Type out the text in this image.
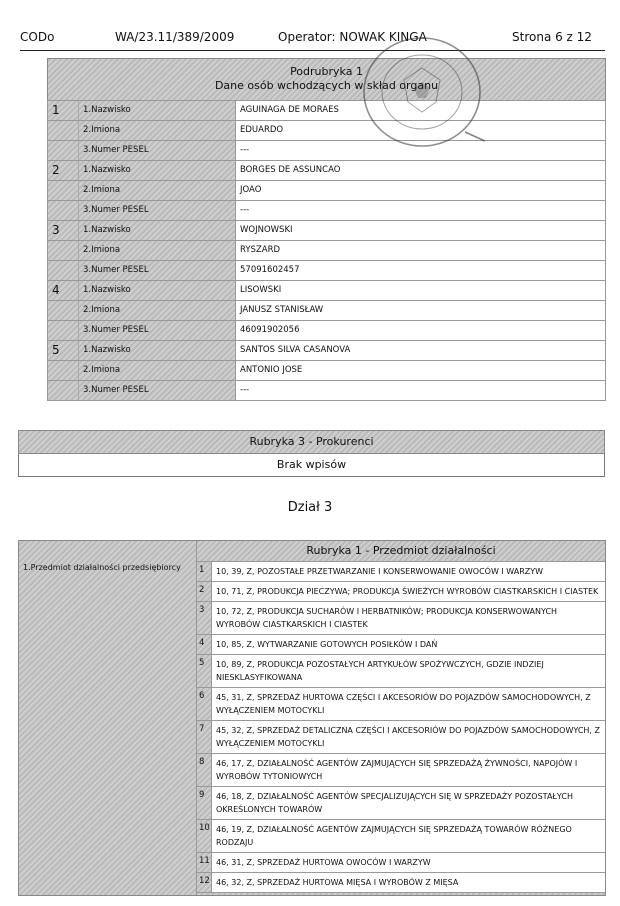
CODo	WA/23.11/389/2009	Operator: NOWAK KINGA	Strona 6 z 12
Podrubryka 1
Dane osób wchodzących w skład organu
1	1.Nazwisko	AGUINAGA DE MORAES
2.Imiona	EDUARDO
3.Numer PESEL	---
2	1.Nazwisko	BORGES DE ASSUNCAO
2.Imiona	JOAO
3.Numer PESEL	---
3	1.Nazwisko	WOJNOWSKI
2.Imiona	RYSZARD
3.Numer PESEL	57091602457
4	1.Nazwisko	LISOWSKI
2.Imiona	JANUSZ STANISŁAW
3.Numer PESEL	46091902056
5	1.Nazwisko	SANTOS SILVA CASANOVA
2.Imiona	ANTONIO JOSE
3.Numer PESEL	---
Rubryka 3 - Prokurenci
Brak wpisów
Dział 3
1.Przedmiot działalności przedsiębiorcy
Rubryka 1 - Przedmiot działalności
1	10, 39, Z, POZOSTAŁE PRZETWARZANIE I KONSERWOWANIE OWOCÓW I WARZYW
2	10, 71, Z, PRODUKCJA PIECZYWA; PRODUKCJA ŚWIEŻYCH WYROBÓW CIASTKARSKICH I CIASTEK
3	10, 72, Z, PRODUKCJA SUCHARÓW I HERBATNIKÓW; PRODUKCJA KONSERWOWANYCH WYROBÓW CIASTKARSKICH I CIASTEK
4	10, 85, Z, WYTWARZANIE GOTOWYCH POSIŁKÓW I DAŃ
5	10, 89, Z, PRODUKCJA POZOSTAŁYCH ARTYKUŁÓW SPOŻYWCZYCH, GDZIE INDZIEJ NIESKLASYFIKOWANA
6	45, 31, Z, SPRZEDAŻ HURTOWA CZĘŚCI I AKCESORIÓW DO POJAZDÓW SAMOCHODOWYCH, Z WYŁĄCZENIEM MOTOCYKLI
7	45, 32, Z, SPRZEDAŻ DETALICZNA CZĘŚCI I AKCESORIÓW DO POJAZDÓW SAMOCHODOWYCH, Z WYŁĄCZENIEM MOTOCYKLI
8	46, 17, Z, DZIAŁALNOŚĆ AGENTÓW ZAJMUJĄCYCH SIĘ SPRZEDAŻĄ ŻYWNOŚCI, NAPOJÓW I WYROBÓW TYTONIOWYCH
9	46, 18, Z, DZIAŁALNOŚĆ AGENTÓW SPECJALIZUJĄCYCH SIĘ W SPRZEDAŻY POZOSTAŁYCH OKREŚLONYCH TOWARÓW
10 46, 19, Z, DZIAŁALNOŚĆ AGENTÓW ZAJMUJĄCYCH SIĘ SPRZEDAŻĄ TOWARÓW RÓŻNEGO RODZAJU
11 46, 31, Z, SPRZEDAŻ HURTOWA OWOCÓW I WARZYW
12 46, 32, Z, SPRZEDAŻ HURTOWA MIĘSA I WYROBÓW Z MIĘSA
